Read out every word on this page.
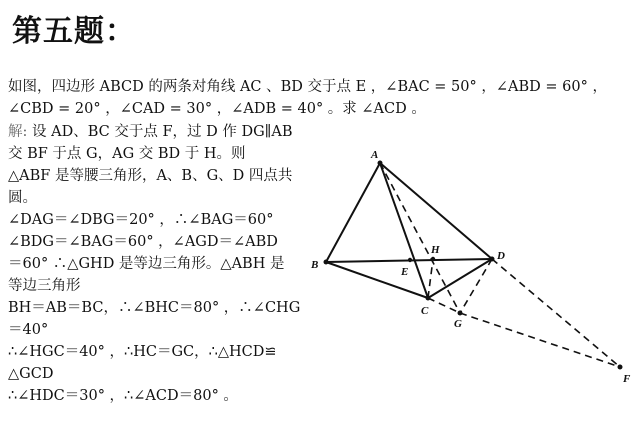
第五题：
如图，四边形 ABCD 的两条对角线 AC 、BD 交于点 E ，∠BAC = 50° ，∠ABD = 60° ，
∠CBD = 20° ，∠CAD = 30° ，∠ADB = 40° 。求 ∠ACD 。

解: 设 AD、BC 交于点 F，过 D 作 DG∥AB

交 BF 于点 G，AG 交 BD 于 H。则

△ABF 是等腰三角形，A、B、G、D 四点共

圆。

∠DAG＝∠DBG＝20° ，∴∠BAG＝60°

∠BDG＝∠BAG＝60° ，∠AGD＝∠ABD

＝60° ∴△GHD 是等边三角形。△ABH 是

等边三角形

BH＝AB＝BC，∴∠BHC＝80° ，∴∠CHG

＝40°

∴∠HGC＝40° ，∴HC＝GC，∴△HCD≌

△GCD

∴∠HDC＝30° ，∴∠ACD＝80° 。

A
B
C
D
E
H
G
F
